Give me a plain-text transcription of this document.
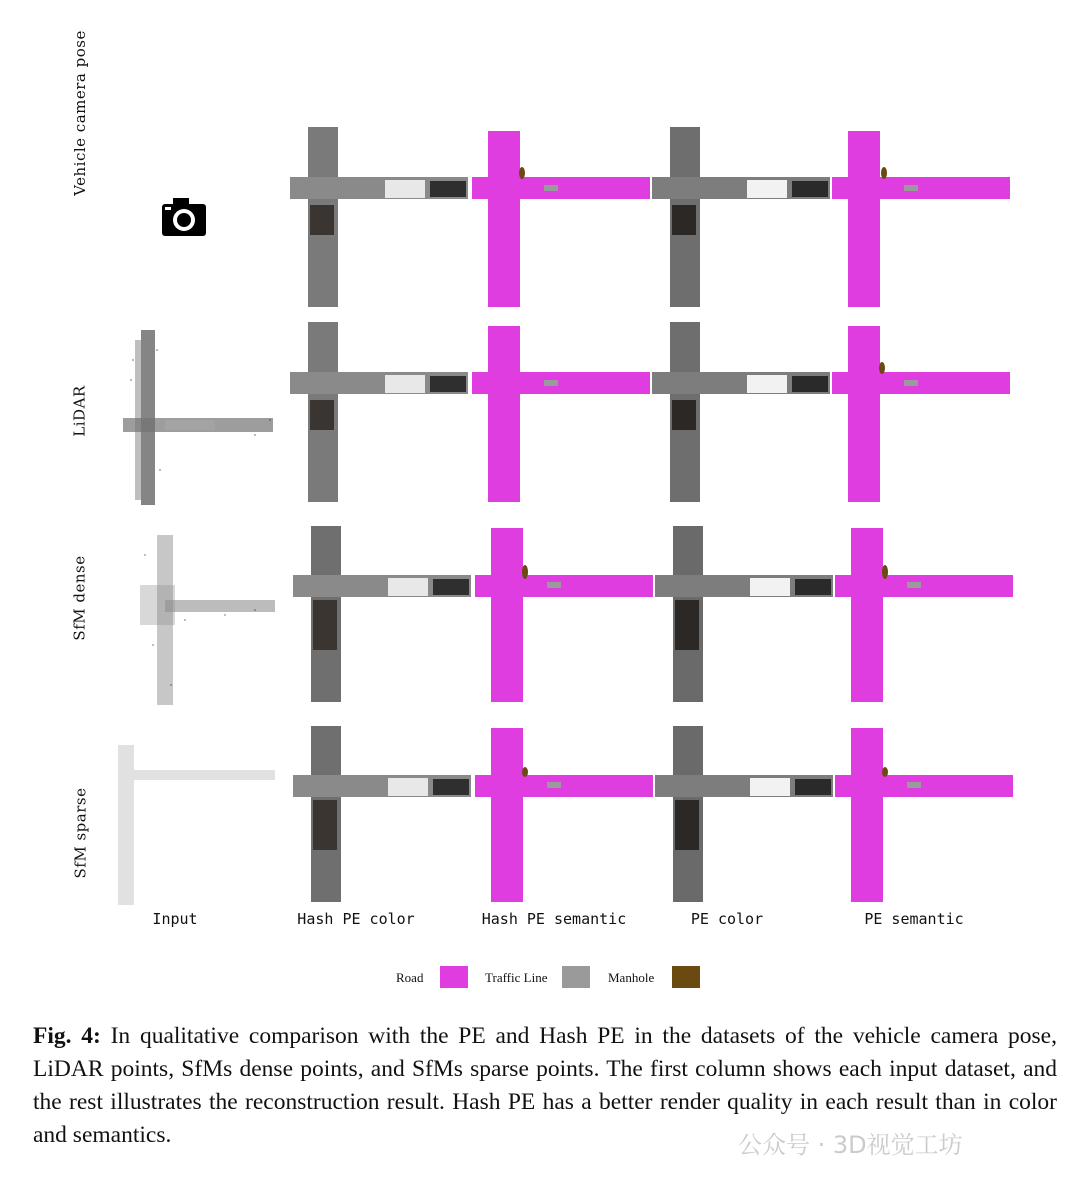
Vehicle camera pose
LiDAR
SfM dense
SfM sparse
Input	Hash PE color	Hash PE semantic	PE color	PE semantic
Road	Traffic Line	Manhole
Fig. 4: In qualitative comparison with the PE and Hash PE in the datasets of the vehicle camera pose, LiDAR points, SfMs dense points, and SfMs sparse points. The first column shows each input dataset, and the rest illustrates the reconstruction result. Hash PE has a better render quality in each result than in color and semantics.	公众号 · 3D视觉工坊
